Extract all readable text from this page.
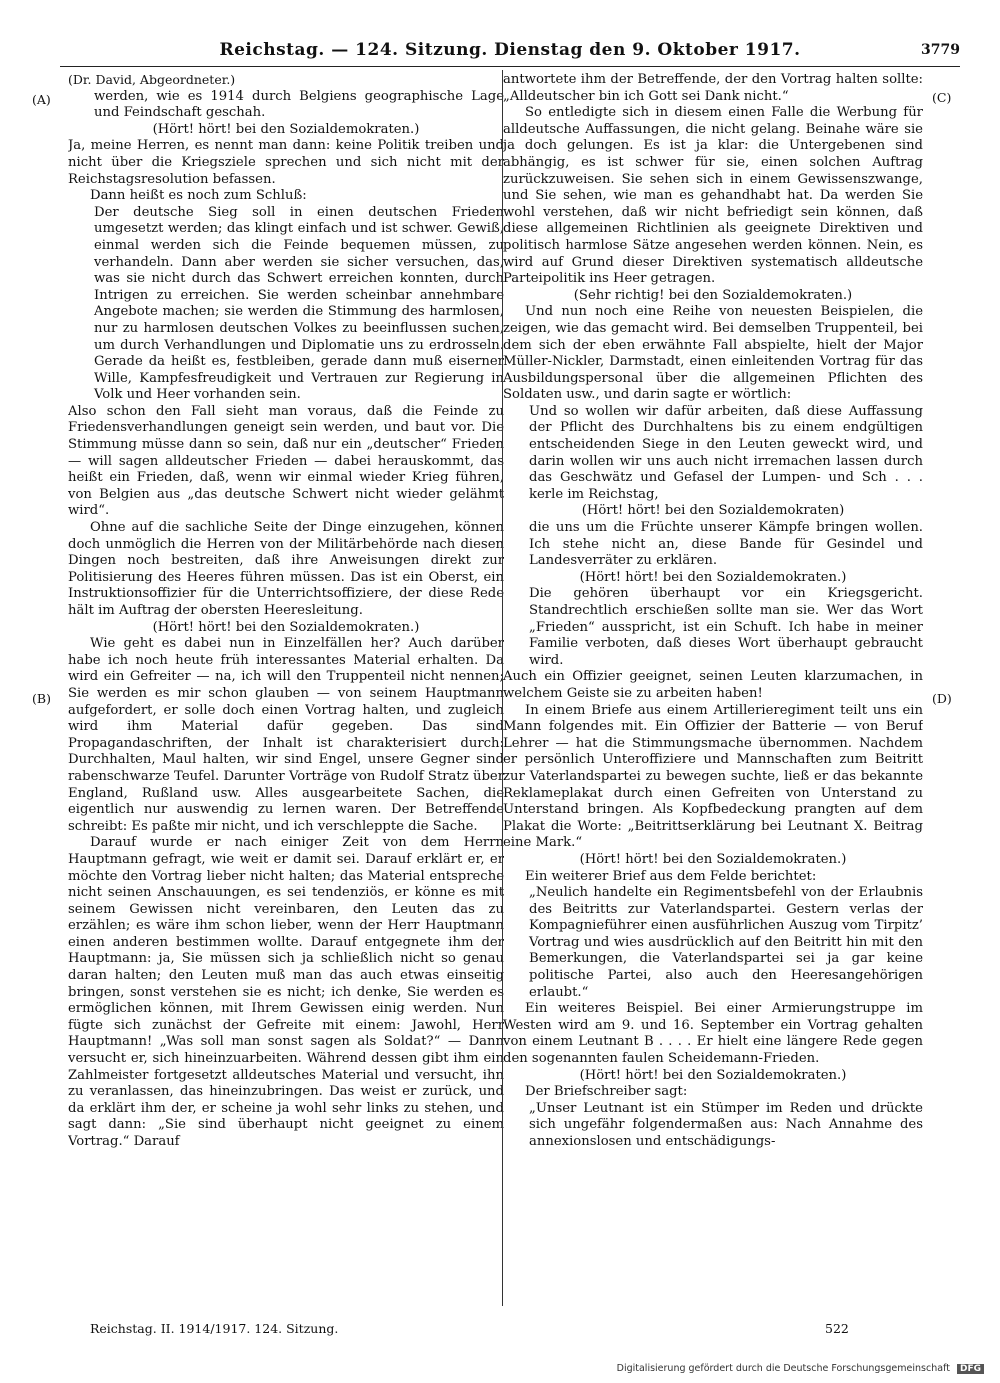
Reichstag. — 124. Sitzung. Dienstag den 9. Oktober 1917.	3779
(A)
(B)
(C)
(D)

(Dr. David, Abgeordneter.)

werden, wie es 1914 durch Belgiens geographische Lage und Feindschaft geschah.

(Hört! hört! bei den Sozialdemokraten.)

Ja, meine Herren, es nennt man dann: keine Politik treiben und nicht über die Kriegsziele sprechen und sich nicht mit der Reichstagsresolution befassen.

Dann heißt es noch zum Schluß:

Der deutsche Sieg soll in einen deutschen Frieden umgesetzt werden; das klingt einfach und ist schwer. Gewiß, einmal werden sich die Feinde bequemen müssen, zu verhandeln. Dann aber werden sie sicher versuchen, das, was sie nicht durch das Schwert erreichen konnten, durch Intrigen zu erreichen. Sie werden scheinbar annehmbare Angebote machen; sie werden die Stimmung des harmlosen, nur zu harmlosen deutschen Volkes zu beeinflussen suchen, um durch Verhandlungen und Diplomatie uns zu erdrosseln. Gerade da heißt es, festbleiben, gerade dann muß eiserner Wille, Kampfesfreudigkeit und Vertrauen zur Regierung in Volk und Heer vorhanden sein.

Also schon den Fall sieht man voraus, daß die Feinde zu Friedensverhandlungen geneigt sein werden, und baut vor. Die Stimmung müsse dann so sein, daß nur ein „deutscher“ Frieden — will sagen alldeutscher Frieden — dabei herauskommt, das heißt ein Frieden, daß, wenn wir einmal wieder Krieg führen, von Belgien aus „das deutsche Schwert nicht wieder gelähmt wird“.

Ohne auf die sachliche Seite der Dinge einzugehen, können doch unmöglich die Herren von der Militärbehörde nach diesen Dingen noch bestreiten, daß ihre Anweisungen direkt zur Politisierung des Heeres führen müssen. Das ist ein Oberst, ein Instruktionsoffizier für die Unterrichtsoffiziere, der diese Rede hält im Auftrag der obersten Heeresleitung.

(Hört! hört! bei den Sozialdemokraten.)

Wie geht es dabei nun in Einzelfällen her? Auch darüber habe ich noch heute früh interessantes Material erhalten. Da wird ein Gefreiter — na, ich will den Truppenteil nicht nennen; Sie werden es mir schon glauben — von seinem Hauptmann aufgefordert, er solle doch einen Vortrag halten, und zugleich wird ihm Material dafür gegeben. Das sind Propagandaschriften, der Inhalt ist charakterisiert durch: Durchhalten, Maul halten, wir sind Engel, unsere Gegner sind rabenschwarze Teufel. Darunter Vorträge von Rudolf Stratz über England, Rußland usw. Alles ausgearbeitete Sachen, die eigentlich nur auswendig zu lernen waren. Der Betreffende schreibt: Es paßte mir nicht, und ich verschleppte die Sache.

Darauf wurde er nach einiger Zeit von dem Herrn Hauptmann gefragt, wie weit er damit sei. Darauf erklärt er, er möchte den Vortrag lieber nicht halten; das Material entspreche nicht seinen Anschauungen, es sei tendenziös, er könne es mit seinem Gewissen nicht vereinbaren, den Leuten das zu erzählen; es wäre ihm schon lieber, wenn der Herr Hauptmann einen anderen bestimmen wollte. Darauf entgegnete ihm der Hauptmann: ja, Sie müssen sich ja schließlich nicht so genau daran halten; den Leuten muß man das auch etwas einseitig bringen, sonst verstehen sie es nicht; ich denke, Sie werden es ermöglichen können, mit Ihrem Gewissen einig werden. Nun fügte sich zunächst der Gefreite mit einem: Jawohl, Herr Hauptmann! „Was soll man sonst sagen als Soldat?“ — Dann versucht er, sich hineinzuarbeiten. Während dessen gibt ihm ein Zahlmeister fortgesetzt alldeutsches Material und versucht, ihn zu veranlassen, das hineinzubringen. Das weist er zurück, und da erklärt ihm der, er scheine ja wohl sehr links zu stehen, und sagt dann: „Sie sind überhaupt nicht geeignet zu einem Vortrag.“ Darauf

antwortete ihm der Betreffende, der den Vortrag halten sollte: „Alldeutscher bin ich Gott sei Dank nicht.“

So entledigte sich in diesem einen Falle die Werbung für alldeutsche Auffassungen, die nicht gelang. Beinahe wäre sie ja doch gelungen. Es ist ja klar: die Untergebenen sind abhängig, es ist schwer für sie, einen solchen Auftrag zurückzuweisen. Sie sehen sich in einem Gewissenszwange, und Sie sehen, wie man es gehandhabt hat. Da werden Sie wohl verstehen, daß wir nicht befriedigt sein können, daß diese allgemeinen Richtlinien als geeignete Direktiven und politisch harmlose Sätze angesehen werden können. Nein, es wird auf Grund dieser Direktiven systematisch alldeutsche Parteipolitik ins Heer getragen.

(Sehr richtig! bei den Sozialdemokraten.)

Und nun noch eine Reihe von neuesten Beispielen, die zeigen, wie das gemacht wird. Bei demselben Truppenteil, bei dem sich der eben erwähnte Fall abspielte, hielt der Major Müller-Nickler, Darmstadt, einen einleitenden Vortrag für das Ausbildungspersonal über die allgemeinen Pflichten des Soldaten usw., und darin sagte er wörtlich:

Und so wollen wir dafür arbeiten, daß diese Auffassung der Pflicht des Durchhaltens bis zu einem endgültigen entscheidenden Siege in den Leuten geweckt wird, und darin wollen wir uns auch nicht irremachen lassen durch das Geschwätz und Gefasel der Lumpen- und Sch . . . kerle im Reichstag,

(Hört! hört! bei den Sozialdemokraten)

die uns um die Früchte unserer Kämpfe bringen wollen. Ich stehe nicht an, diese Bande für Gesindel und Landesverräter zu erklären.

(Hört! hört! bei den Sozialdemokraten.)

Die gehören überhaupt vor ein Kriegsgericht. Standrechtlich erschießen sollte man sie. Wer das Wort „Frieden“ ausspricht, ist ein Schuft. Ich habe in meiner Familie verboten, daß dieses Wort überhaupt gebraucht wird.

Auch ein Offizier geeignet, seinen Leuten klarzumachen, in welchem Geiste sie zu arbeiten haben!

In einem Briefe aus einem Artillerieregiment teilt uns ein Mann folgendes mit. Ein Offizier der Batterie — von Beruf Lehrer — hat die Stimmungsmache übernommen. Nachdem er persönlich Unteroffiziere und Mannschaften zum Beitritt zur Vaterlandspartei zu bewegen suchte, ließ er das bekannte Reklameplakat durch einen Gefreiten von Unterstand zu Unterstand bringen. Als Kopfbedeckung prangten auf dem Plakat die Worte: „Beitrittserklärung bei Leutnant X. Beitrag eine Mark.“

(Hört! hört! bei den Sozialdemokraten.)

Ein weiterer Brief aus dem Felde berichtet:

„Neulich handelte ein Regimentsbefehl von der Erlaubnis des Beitritts zur Vaterlandspartei. Gestern verlas der Kompagnieführer einen ausführlichen Auszug vom Tirpitz’ Vortrag und wies ausdrücklich auf den Beitritt hin mit den Bemerkungen, die Vaterlandspartei sei ja gar keine politische Partei, also auch den Heeresangehörigen erlaubt.“

Ein weiteres Beispiel. Bei einer Armierungstruppe im Westen wird am 9. und 16. September ein Vortrag gehalten von einem Leutnant B . . . . Er hielt eine längere Rede gegen den sogenannten faulen Scheidemann-Frieden.

(Hört! hört! bei den Sozialdemokraten.)

Der Briefschreiber sagt:

„Unser Leutnant ist ein Stümper im Reden und drückte sich ungefähr folgendermaßen aus: Nach Annahme des annexionslosen und entschädigungs-

Reichstag. II. 1914/1917. 124. Sitzung.	522
Digitalisierung gefördert durch die Deutsche Forschungsgemeinschaft DFG
